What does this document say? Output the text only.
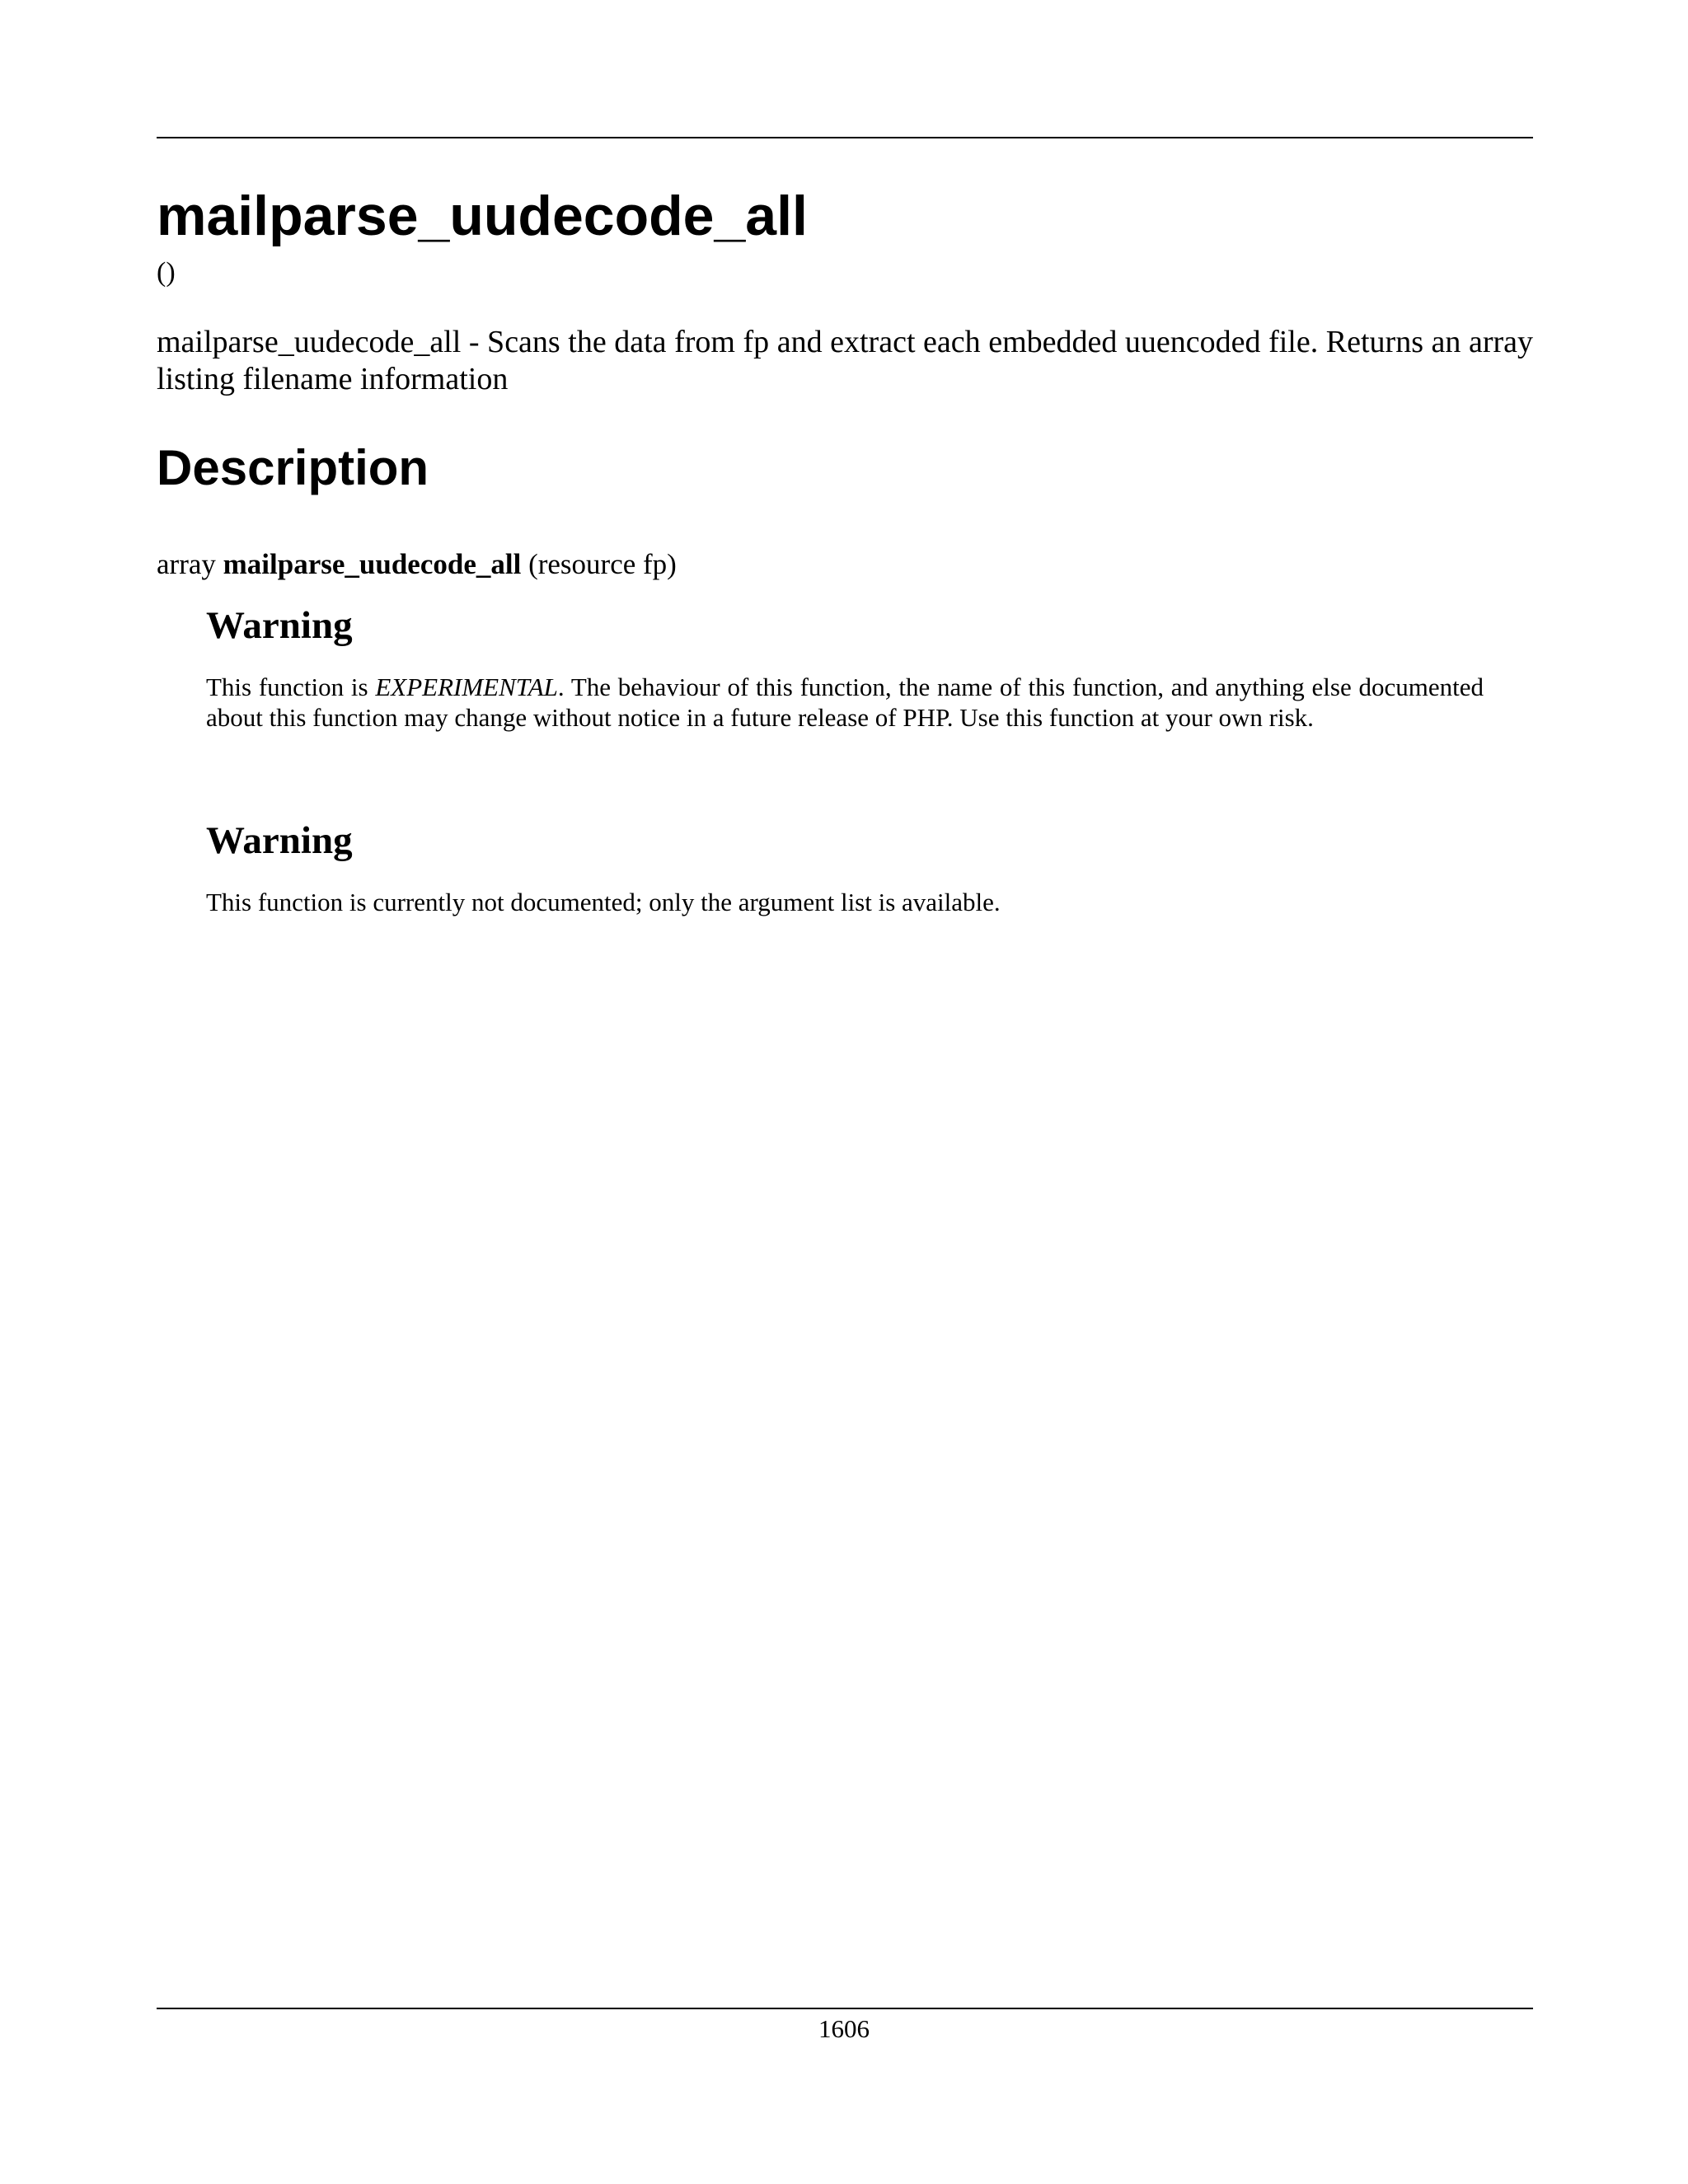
mailparse_uudecode_all
()

mailparse_uudecode_all - Scans the data from fp and extract each embedded uuencoded file. Returns an array listing filename information

Description

array mailparse_uudecode_all (resource fp)

Warning

This function is EXPERIMENTAL. The behaviour of this function, the name of this function, and anything else documented about this function may change without notice in a future release of PHP. Use this function at your own risk.

Warning

This function is currently not documented; only the argument list is available.

1606
